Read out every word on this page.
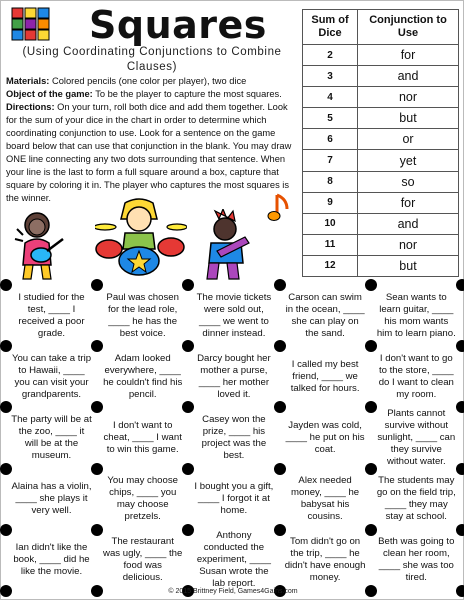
Squares
(Using Coordinating Conjunctions to Combine Clauses)
Materials: Colored pencils (one color per player), two dice
Object of the game: To be the player to capture the most squares.
Directions: On your turn, roll both dice and add them together. Look for the sum of your dice in the chart in order to determine which coordinating conjunction to use. Look for a sentence on the game board below that can use that conjunction in the blank. You may draw ONE line connecting any two dots surrounding that sentence. When your line is the last to form a full square around a box, capture that square by coloring it in. The player who captures the most squares is the winner.
Sum of Dice	Conjunction to Use
2	for
3	and
4	nor
5	but
6	or
7	yet
8	so
9	for
10	and
11	nor
12	but
I studied for the test, ____ I received a poor grade.
Paul was chosen for the lead role, ____ he has the best voice.
The movie tickets were sold out, ____ we went to dinner instead.
Carson can swim in the ocean, ____ she can play on the sand.
Sean wants to learn guitar, ____ his mom wants him to learn piano.
You can take a trip to Hawaii, ____ you can visit your grandparents.
Adam looked everywhere, ____ he couldn't find his pencil.
Darcy bought her mother a purse, ____ her mother loved it.
I called my best friend, ____ we talked for hours.
I don't want to go to the store, ____ do I want to clean my room.
The party will be at the zoo, ____ it will be at the museum.
I don't want to cheat, ____ I want to win this game.
Casey won the prize, ____ his project was the best.
Jayden was cold, ____ he put on his coat.
Plants cannot survive without sunlight, ____ can they survive without water.
Alaina has a violin, ____ she plays it very well.
You may choose chips, ____ you may choose pretzels.
I bought you a gift, ____ I forgot it at home.
Alex needed money, ____ he babysat his cousins.
The students may go on the field trip, ____ they may stay at school.
Ian didn't like the book, ____ did he like the movie.
The restaurant was ugly, ____ the food was delicious.
Anthony conducted the experiment, ____ Susan wrote the lab report.
Tom didn't go on the trip, ____ he didn't have enough money.
Beth was going to clean her room, ____ she was too tired.
© 2015 Brittney Field, Games4Gains.com
